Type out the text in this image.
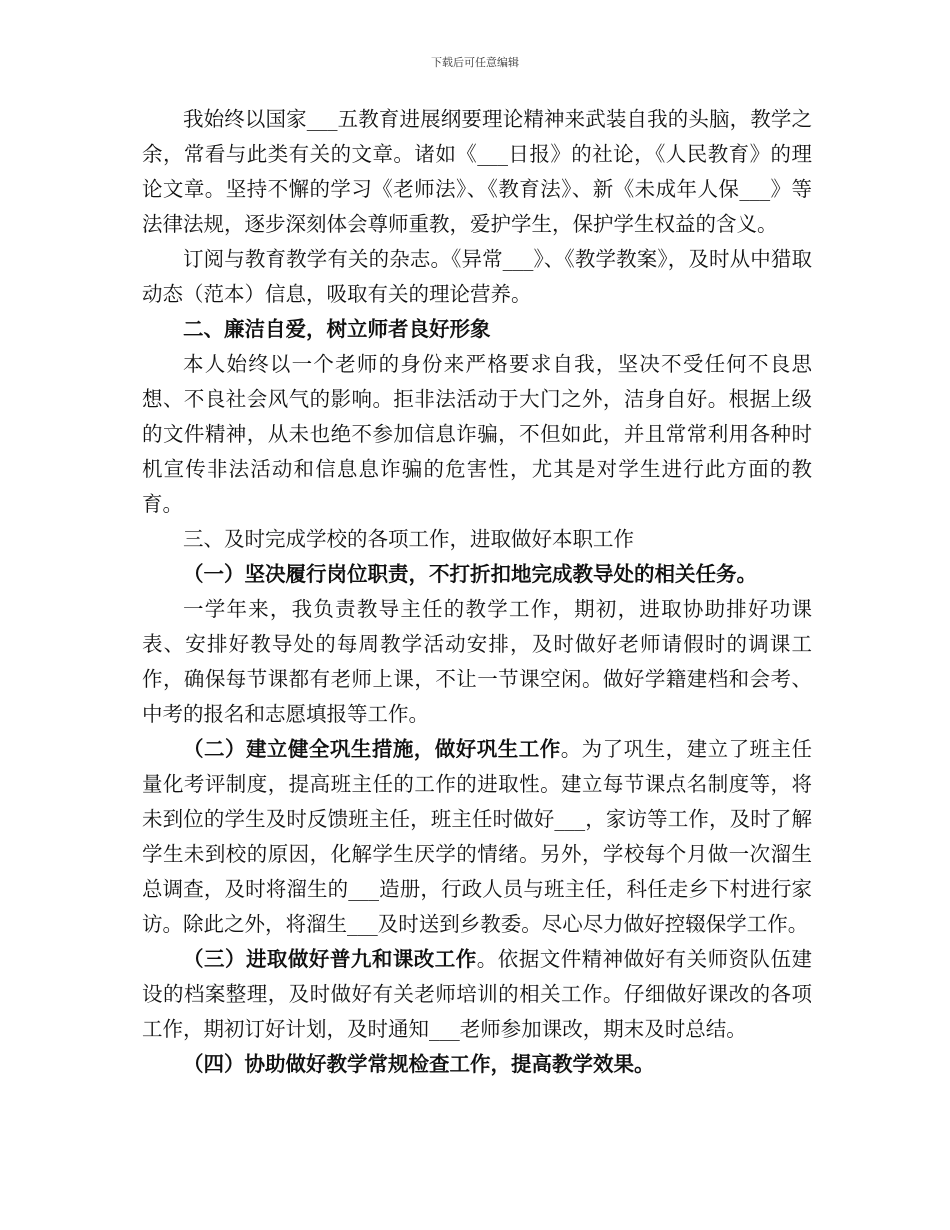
下载后可任意编辑

我始终以国家___五教育进展纲要理论精神来武装自我的头脑，教学之余，常看与此类有关的文章。诸如《___日报》的社论，《人民教育》的理论文章。坚持不懈的学习《老师法》、《教育法》、新《未成年人保___》等法律法规，逐步深刻体会尊师重教，爱护学生，保护学生权益的含义。

订阅与教育教学有关的杂志。《异常___》、《教学教案》，及时从中猎取动态（范本）信息，吸取有关的理论营养。

二、廉洁自爱，树立师者良好形象

本人始终以一个老师的身份来严格要求自我，坚决不受任何不良思想、不良社会风气的影响。拒非法活动于大门之外，洁身自好。根据上级的文件精神，从未也绝不参加信息诈骗，不但如此，并且常常利用各种时机宣传非法活动和信息息诈骗的危害性，尤其是对学生进行此方面的教育。

三、及时完成学校的各项工作，进取做好本职工作

（一）坚决履行岗位职责，不打折扣地完成教导处的相关任务。

一学年来，我负责教导主任的教学工作，期初，进取协助排好功课表、安排好教导处的每周教学活动安排，及时做好老师请假时的调课工作，确保每节课都有老师上课，不让一节课空闲。做好学籍建档和会考、中考的报名和志愿填报等工作。

（二）建立健全巩生措施，做好巩生工作。为了巩生，建立了班主任量化考评制度，提高班主任的工作的进取性。建立每节课点名制度等，将未到位的学生及时反馈班主任，班主任时做好___，家访等工作，及时了解学生未到校的原因，化解学生厌学的情绪。另外，学校每个月做一次溜生总调查，及时将溜生的___造册，行政人员与班主任，科任走乡下村进行家访。除此之外，将溜生___及时送到乡教委。尽心尽力做好控辍保学工作。

（三）进取做好普九和课改工作。依据文件精神做好有关师资队伍建设的档案整理，及时做好有关老师培训的相关工作。仔细做好课改的各项工作，期初订好计划，及时通知___老师参加课改，期末及时总结。

（四）协助做好教学常规检查工作，提高教学效果。
